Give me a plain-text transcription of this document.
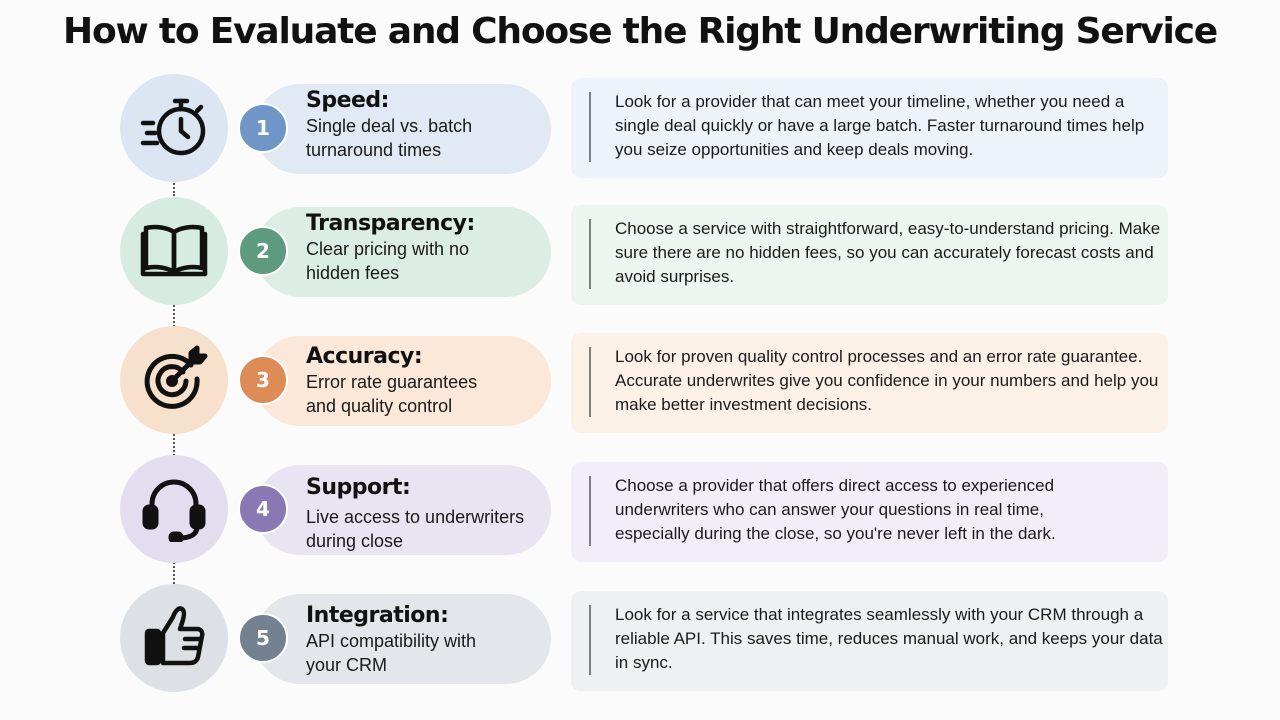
How to Evaluate and Choose the Right Underwriting Service
1
Speed:
Single deal vs. batch turnaround times
Look for a provider that can meet your timeline, whether you need a single deal quickly or have a large batch. Faster turnaround times help you seize opportunities and keep deals moving.
2
Transparency:
Clear pricing with no hidden fees
Choose a service with straightforward, easy-to-understand pricing. Make sure there are no hidden fees, so you can accurately forecast costs and avoid surprises.
3
Accuracy:
Error rate guarantees and quality control
Look for proven quality control processes and an error rate guarantee. Accurate underwrites give you confidence in your numbers and help you make better investment decisions.
4
Support:
Live access to underwriters during close
Choose a provider that offers direct access to experienced underwriters who can answer your questions in real time, especially during the close, so you're never left in the dark.
5
Integration:
API compatibility with your CRM
Look for a service that integrates seamlessly with your CRM through a reliable API. This saves time, reduces manual work, and keeps your data in sync.
